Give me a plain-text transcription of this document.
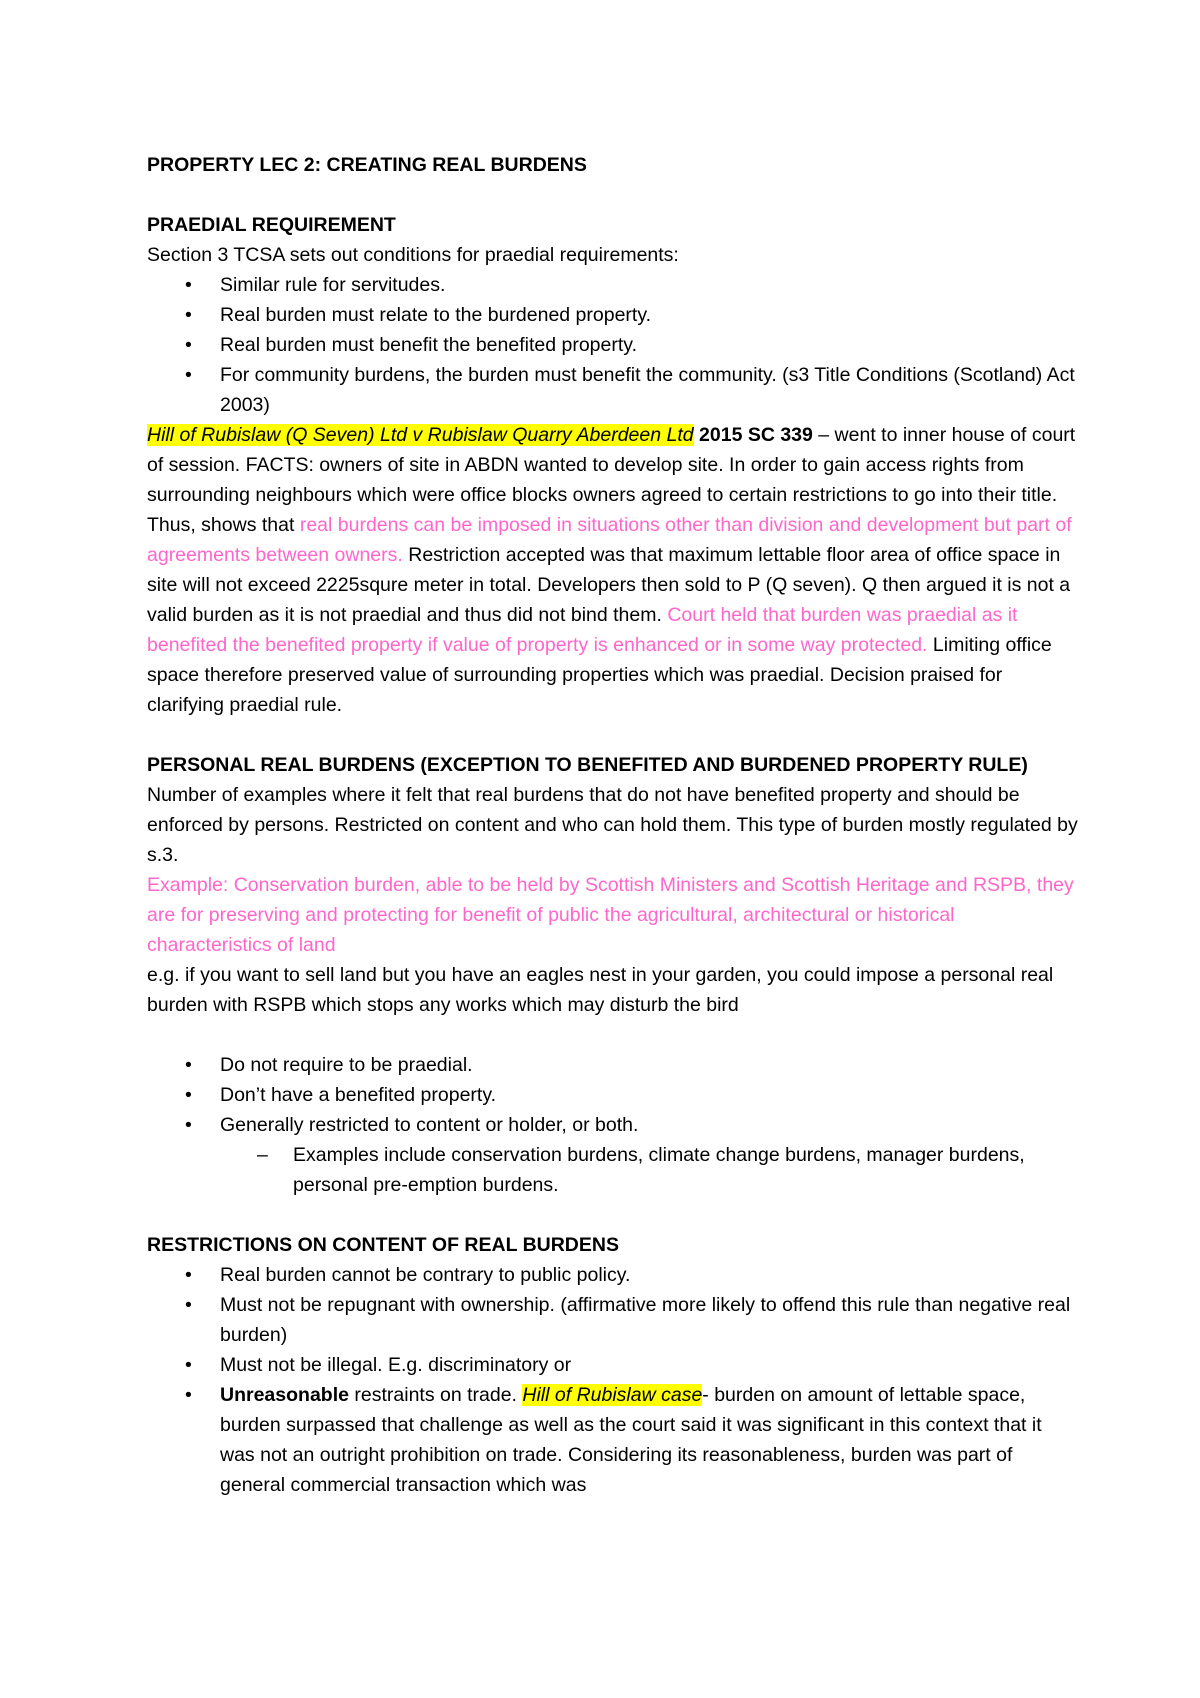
PROPERTY LEC 2: CREATING REAL BURDENS

PRAEDIAL REQUIREMENT

Section 3 TCSA sets out conditions for praedial requirements:

• Similar rule for servitudes.
• Real burden must relate to the burdened property.
• Real burden must benefit the benefited property.
• For community burdens, the burden must benefit the community. (s3 Title Conditions (Scotland) Act 2003)

Hill of Rubislaw (Q Seven) Ltd v Rubislaw Quarry Aberdeen Ltd 2015 SC 339 – went to inner house of court of session. FACTS: owners of site in ABDN wanted to develop site. In order to gain access rights from surrounding neighbours which were office blocks owners agreed to certain restrictions to go into their title. Thus, shows that real burdens can be imposed in situations other than division and development but part of agreements between owners. Restriction accepted was that maximum lettable floor area of office space in site will not exceed 2225squre meter in total. Developers then sold to P (Q seven). Q then argued it is not a valid burden as it is not praedial and thus did not bind them. Court held that burden was praedial as it benefited the benefited property if value of property is enhanced or in some way protected. Limiting office space therefore preserved value of surrounding properties which was praedial. Decision praised for clarifying praedial rule.

PERSONAL REAL BURDENS (EXCEPTION TO BENEFITED AND BURDENED PROPERTY RULE)

Number of examples where it felt that real burdens that do not have benefited property and should be enforced by persons. Restricted on content and who can hold them. This type of burden mostly regulated by s.3.

Example: Conservation burden, able to be held by Scottish Ministers and Scottish Heritage and RSPB, they are for preserving and protecting for benefit of public the agricultural, architectural or historical characteristics of land

e.g. if you want to sell land but you have an eagles nest in your garden, you could impose a personal real burden with RSPB which stops any works which may disturb the bird

• Do not require to be praedial.
• Don’t have a benefited property.
• Generally restricted to content or holder, or both.
– Examples include conservation burdens, climate change burdens, manager burdens, personal pre-emption burdens.

RESTRICTIONS ON CONTENT OF REAL BURDENS

• Real burden cannot be contrary to public policy.
• Must not be repugnant with ownership. (affirmative more likely to offend this rule than negative real burden)
• Must not be illegal. E.g. discriminatory or
• Unreasonable restraints on trade. Hill of Rubislaw case- burden on amount of lettable space, burden surpassed that challenge as well as the court said it was significant in this context that it was not an outright prohibition on trade. Considering its reasonableness, burden was part of general commercial transaction which was
